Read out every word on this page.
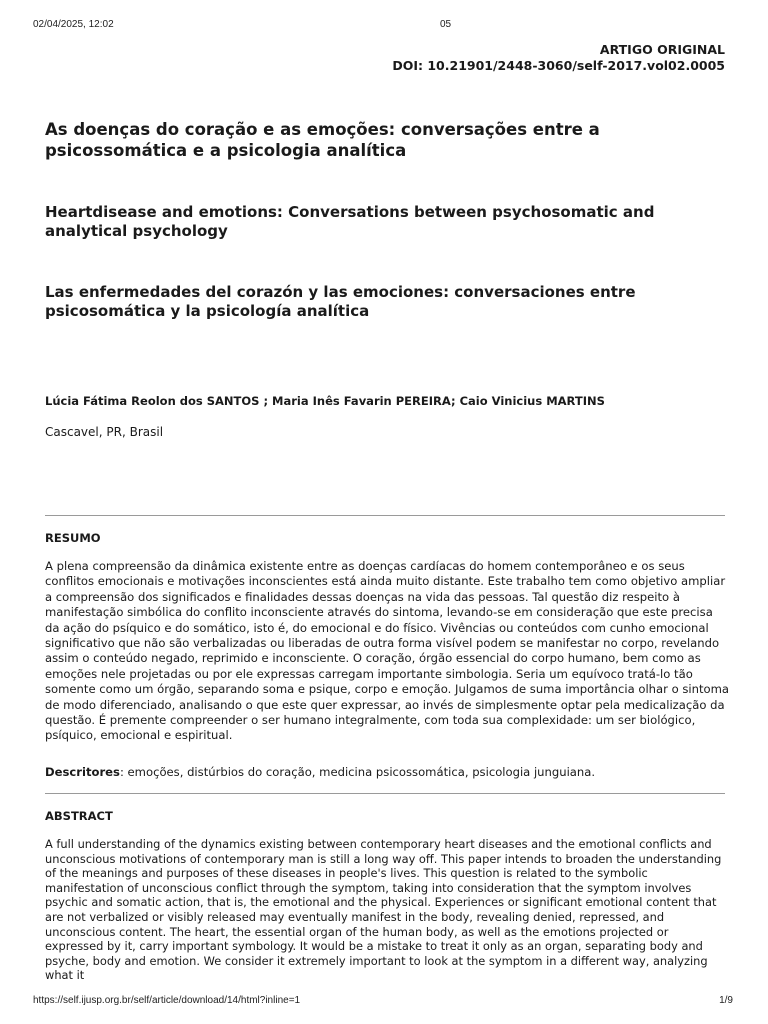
02/04/2025, 12:02	05
ARTIGO ORIGINAL
DOI: 10.21901/2448-3060/self-2017.vol02.0005
As doenças do coração e as emoções: conversações entre a psicossomática e a psicologia analítica
Heartdisease and emotions: Conversations between psychosomatic and analytical psychology
Las enfermedades del corazón y las emociones: conversaciones entre psicosomática y la psicología analítica
Lúcia Fátima Reolon dos SANTOS ; Maria Inês Favarin PEREIRA; Caio Vinicius MARTINS
Cascavel, PR, Brasil
RESUMO

A plena compreensão da dinâmica existente entre as doenças cardíacas do homem contemporâneo e os seus conflitos emocionais e motivações inconscientes está ainda muito distante. Este trabalho tem como objetivo ampliar a compreensão dos significados e finalidades dessas doenças na vida das pessoas. Tal questão diz respeito à manifestação simbólica do conflito inconsciente através do sintoma, levando-se em consideração que este precisa da ação do psíquico e do somático, isto é, do emocional e do físico. Vivências ou conteúdos com cunho emocional significativo que não são verbalizadas ou liberadas de outra forma visível podem se manifestar no corpo, revelando assim o conteúdo negado, reprimido e inconsciente. O coração, órgão essencial do corpo humano, bem como as emoções nele projetadas ou por ele expressas carregam importante simbologia. Seria um equívoco tratá-lo tão somente como um órgão, separando soma e psique, corpo e emoção. Julgamos de suma importância olhar o sintoma de modo diferenciado, analisando o que este quer expressar, ao invés de simplesmente optar pela medicalização da questão. É premente compreender o ser humano integralmente, com toda sua complexidade: um ser biológico, psíquico, emocional e espiritual.

Descritores: emoções, distúrbios do coração, medicina psicossomática, psicologia junguiana.
ABSTRACT

A full understanding of the dynamics existing between contemporary heart diseases and the emotional conflicts and unconscious motivations of contemporary man is still a long way off. This paper intends to broaden the understanding of the meanings and purposes of these diseases in people's lives. This question is related to the symbolic manifestation of unconscious conflict through the symptom, taking into consideration that the symptom involves psychic and somatic action, that is, the emotional and the physical. Experiences or significant emotional content that are not verbalized or visibly released may eventually manifest in the body, revealing denied, repressed, and unconscious content. The heart, the essential organ of the human body, as well as the emotions projected or expressed by it, carry important symbology. It would be a mistake to treat it only as an organ, separating body and psyche, body and emotion. We consider it extremely important to look at the symptom in a different way, analyzing what it

https://self.ijusp.org.br/self/article/download/14/html?inline=1	1/9
